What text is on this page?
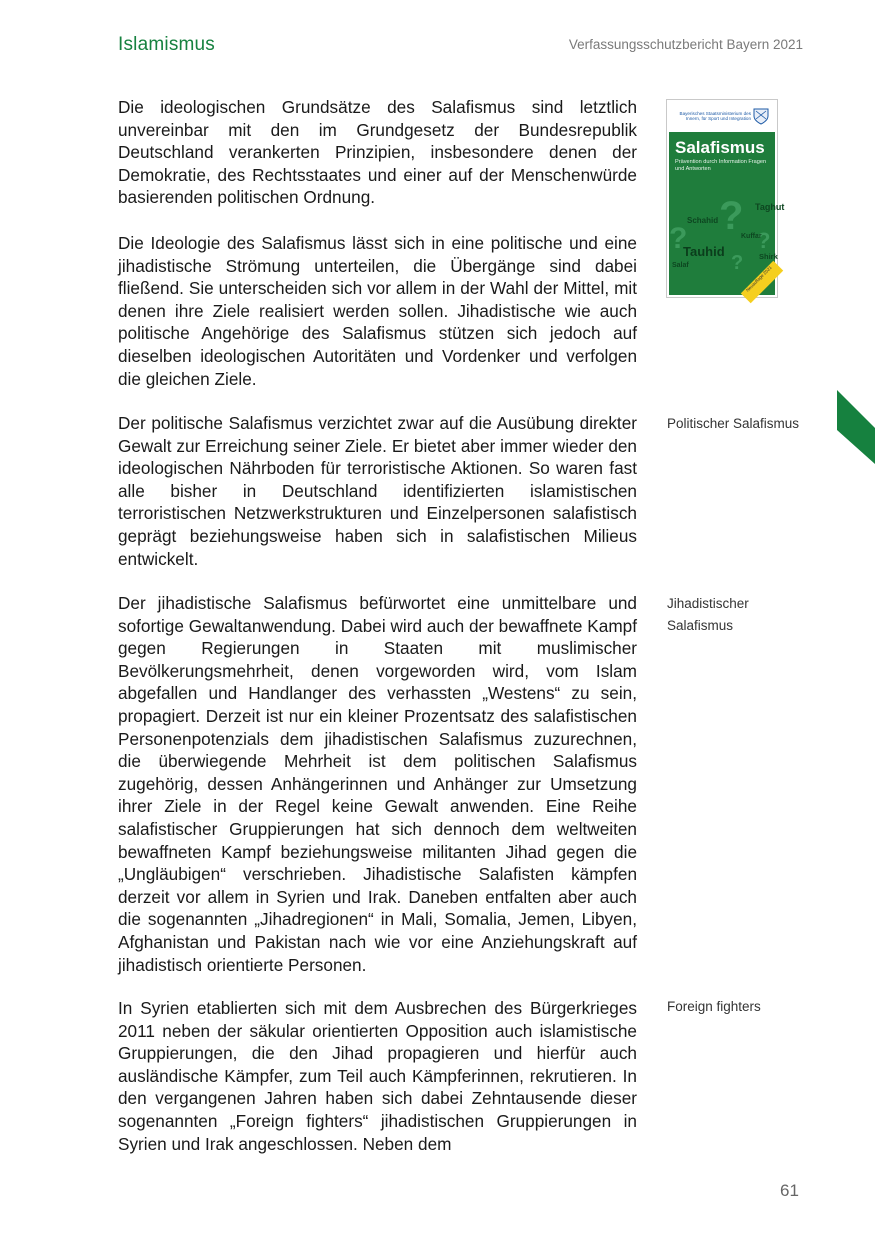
Islamismus	Verfassungsschutzbericht Bayern 2021

Die ideologischen Grundsätze des Salafismus sind letztlich unvereinbar mit den im Grundgesetz der Bundesrepublik Deutschland verankerten Prinzipien, insbesondere denen der Demokratie, des Rechtsstaates und einer auf der Menschenwürde basierenden politischen Ordnung.

Die Ideologie des Salafismus lässt sich in eine politische und eine jihadistische Strömung unterteilen, die Übergänge sind dabei fließend. Sie unterscheiden sich vor allem in der Wahl der Mittel, mit denen ihre Ziele realisiert werden sollen. Jihadistische wie auch politische Angehörige des Salafismus stützen sich jedoch auf dieselben ideologischen Autoritäten und Vordenker und verfolgen die gleichen Ziele.

Der politische Salafismus verzichtet zwar auf die Ausübung direkter Gewalt zur Erreichung seiner Ziele. Er bietet aber immer wieder den ideologischen Nährboden für terroristische Aktionen. So waren fast alle bisher in Deutschland identifizierten islamistischen terroristischen Netzwerkstrukturen und Einzelpersonen salafistisch geprägt beziehungsweise haben sich in salafistischen Milieus entwickelt.

Der jihadistische Salafismus befürwortet eine unmittelbare und sofortige Gewaltanwendung. Dabei wird auch der bewaffnete Kampf gegen Regierungen in Staaten mit muslimischer Bevölkerungsmehrheit, denen vorgeworden wird, vom Islam abgefallen und Handlanger des verhassten „Westens“ zu sein, propagiert. Derzeit ist nur ein kleiner Prozentsatz des salafistischen Personenpotenzials dem jihadistischen Salafismus zuzurechnen, die überwiegende Mehrheit ist dem politischen Salafismus zugehörig, dessen Anhängerinnen und Anhänger zur Umsetzung ihrer Ziele in der Regel keine Gewalt anwenden. Eine Reihe salafistischer Gruppierungen hat sich dennoch dem weltweiten bewaffneten Kampf beziehungsweise militanten Jihad gegen die „Ungläubigen“ verschrieben. Jihadistische Salafisten kämpfen derzeit vor allem in Syrien und Irak. Daneben entfalten aber auch die sogenannten „Jihadregionen“ in Mali, Somalia, Jemen, Libyen, Afghanistan und Pakistan nach wie vor eine Anziehungskraft auf jihadistisch orientierte Personen.

In Syrien etablierten sich mit dem Ausbrechen des Bürgerkrieges 2011 neben der säkular orientierten Opposition auch islamistische Gruppierungen, die den Jihad propagieren und hierfür auch ausländische Kämpfer, zum Teil auch Kämpferinnen, rekrutieren. In den vergangenen Jahren haben sich dabei Zehntausende dieser sogenannten „Foreign fighters“ jihadistischen Gruppierungen in Syrien und Irak angeschlossen. Neben dem

Politischer Salafismus
Jihadistischer Salafismus
Foreign fighters
Bayerisches Staatsministerium des Innern, für Sport und Integration
Salafismus
Prävention durch Information Fragen und Antworten
?
?	?
?
Taghut
Schahid
Kuffar
Tauhid	Shirk
Salaf	Neuauflage 2021
61
